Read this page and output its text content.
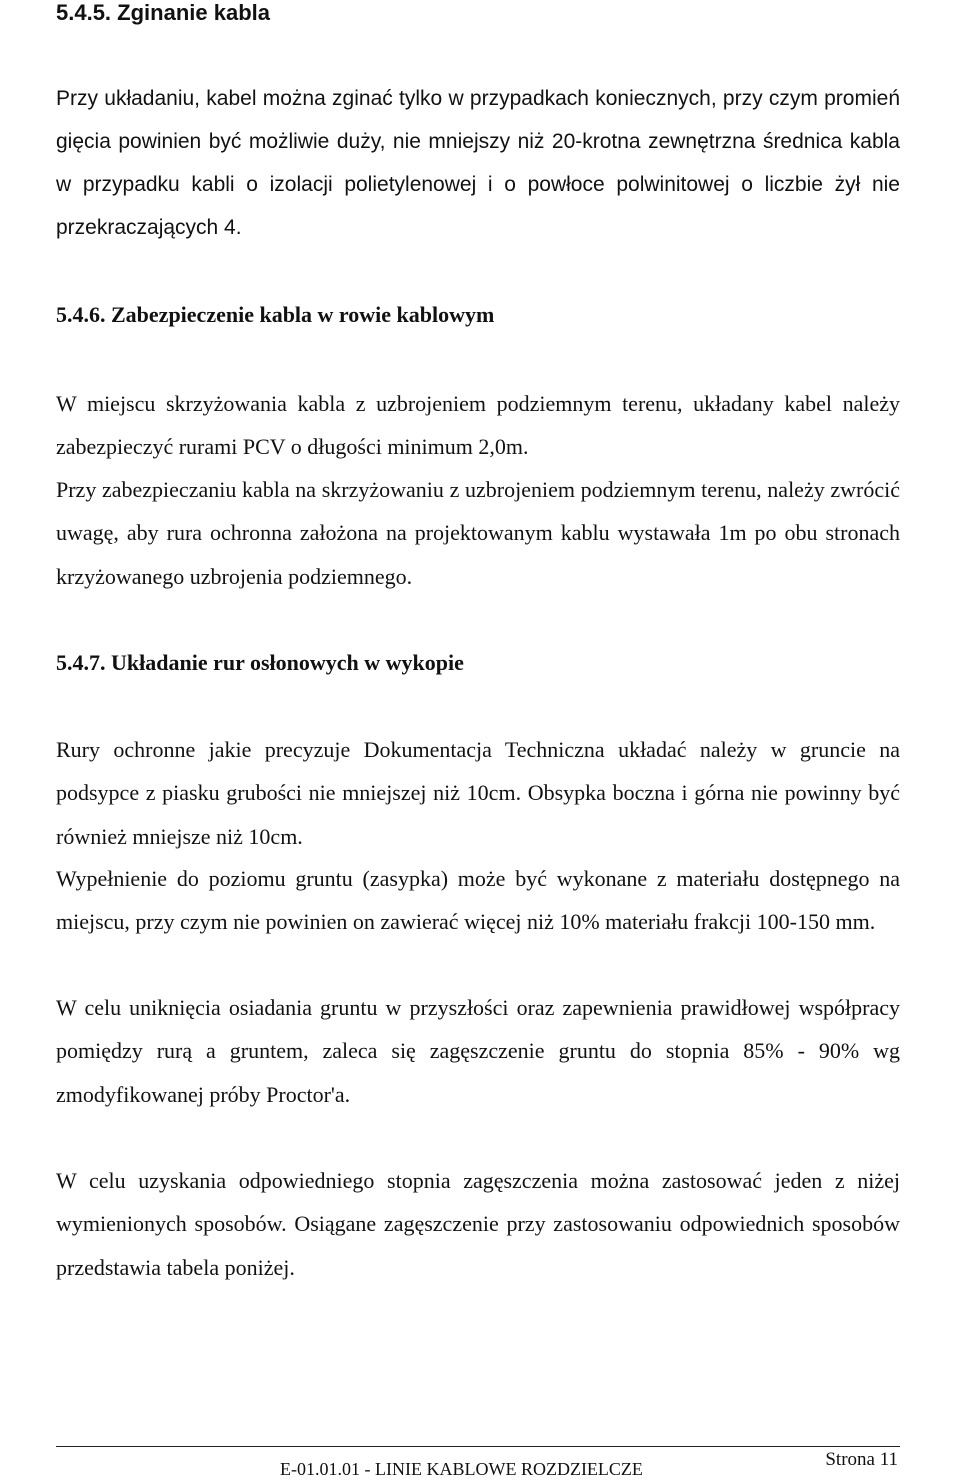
5.4.5. Zginanie kabla

Przy układaniu, kabel można zginać tylko w przypadkach koniecznych, przy czym promień gięcia powinien być możliwie duży, nie mniejszy niż 20-krotna zewnętrzna średnica kabla w przypadku kabli o izolacji polietylenowej i o powłoce polwinitowej o liczbie żył nie przekraczających 4.

5.4.6. Zabezpieczenie kabla w rowie kablowym

W miejscu skrzyżowania kabla z uzbrojeniem podziemnym terenu, układany kabel należy zabezpieczyć rurami PCV o długości minimum 2,0m.

Przy zabezpieczaniu kabla na skrzyżowaniu z uzbrojeniem podziemnym terenu, należy zwrócić uwagę, aby rura ochronna założona na projektowanym kablu wystawała 1m po obu stronach krzyżowanego uzbrojenia podziemnego.

5.4.7. Układanie rur osłonowych w wykopie

Rury ochronne jakie precyzuje Dokumentacja Techniczna układać należy w gruncie na podsypce z piasku grubości nie mniejszej niż 10cm. Obsypka boczna i górna nie powinny być również mniejsze niż 10cm.

Wypełnienie do poziomu gruntu (zasypka) może być wykonane z materiału dostępnego na miejscu, przy czym nie powinien on zawierać więcej niż 10% materiału frakcji 100-150 mm.

W celu uniknięcia osiadania gruntu w przyszłości oraz zapewnienia prawidłowej współpracy pomiędzy rurą a gruntem, zaleca się zagęszczenie gruntu do stopnia 85% - 90% wg zmodyfikowanej próby Proctor'a.

W celu uzyskania odpowiedniego stopnia zagęszczenia można zastosować jeden z niżej wymienionych sposobów. Osiągane zagęszczenie przy zastosowaniu odpowiednich sposobów przedstawia tabela poniżej.

E-01.01.01 - LINIE KABLOWE ROZDZIELCZE	Strona 11
